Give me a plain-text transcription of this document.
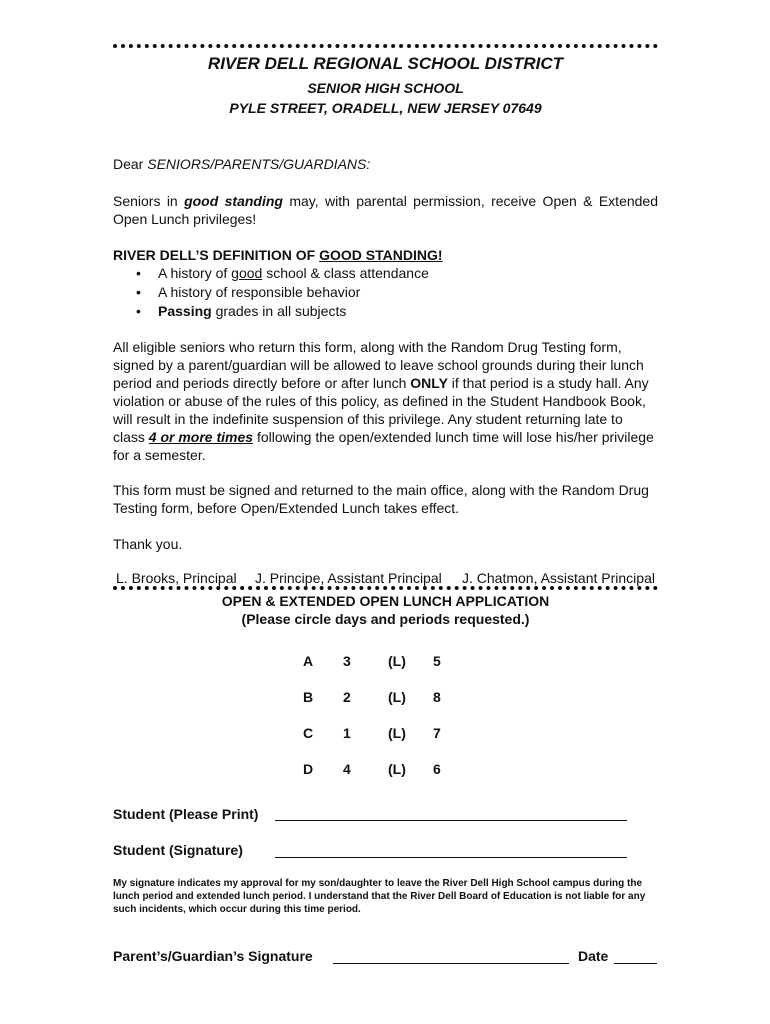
RIVER DELL REGIONAL SCHOOL DISTRICT
SENIOR HIGH SCHOOL
PYLE STREET, ORADELL, NEW JERSEY 07649

Dear SENIORS/PARENTS/GUARDIANS:

Seniors in good standing may, with parental permission, receive Open & Extended Open Lunch privileges!

RIVER DELL’S DEFINITION OF GOOD STANDING!

• A history of good school & class attendance
• A history of responsible behavior
• Passing grades in all subjects

All eligible seniors who return this form, along with the Random Drug Testing form, signed by a parent/guardian will be allowed to leave school grounds during their lunch period and periods directly before or after lunch ONLY if that period is a study hall. Any violation or abuse of the rules of this policy, as defined in the Student Handbook Book, will result in the indefinite suspension of this privilege. Any student returning late to class 4 or more times following the open/extended lunch time will lose his/her privilege for a semester.

This form must be signed and returned to the main office, along with the Random Drug Testing form, before Open/Extended Lunch takes effect.

Thank you.

L. Brooks, Principal J. Principe, Assistant Principal J. Chatmon, Assistant Principal
OPEN & EXTENDED OPEN LUNCH APPLICATION
(Please circle days and periods requested.)
A	3	(L)	5
B	2	(L)	8
C	1	(L)	7
D	4	(L)	6
Student (Please Print)
Student (Signature)

My signature indicates my approval for my son/daughter to leave the River Dell High School campus during the lunch period and extended lunch period. I understand that the River Dell Board of Education is not liable for any such incidents, which occur during this time period.

Parent’s/Guardian’s Signature	Date
